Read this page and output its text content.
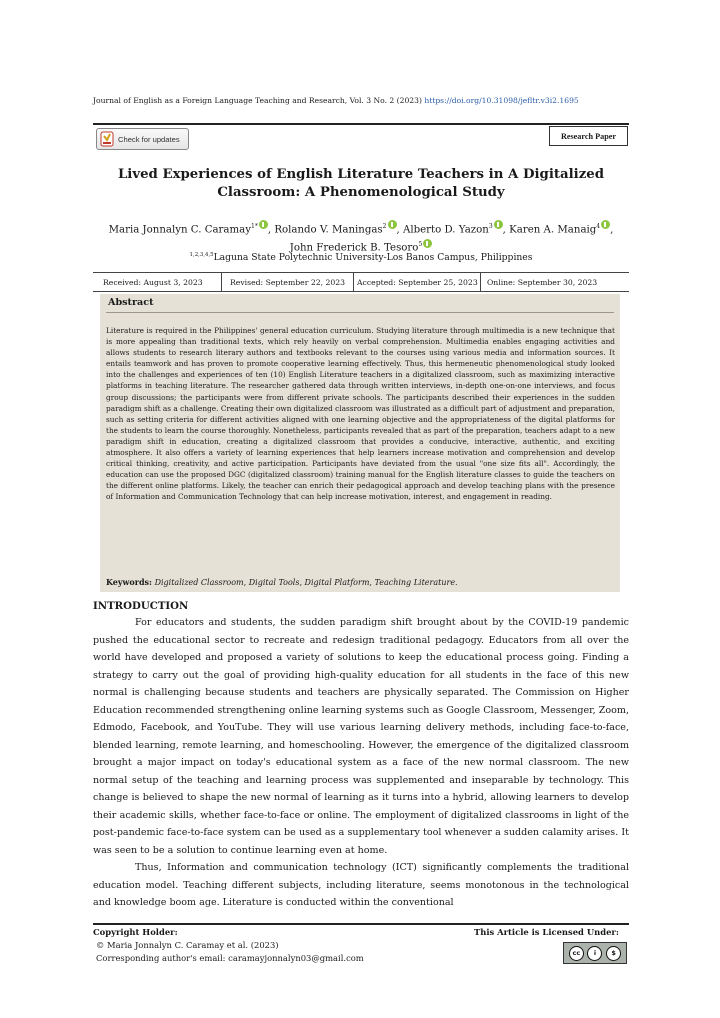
Journal of English as a Foreign Language Teaching and Research, Vol. 3 No. 2 (2023) https://doi.org/10.31098/jefltr.v3i2.1695
Check for updates	Research Paper
Lived Experiences of English Literature Teachers in A Digitalized
Classroom: A Phenomenological Study
Maria Jonnalyn C. Caramay$^{1*}$ , Rolando V. Maningas$^2$ , Alberto D. Yazon$^3$ , Karen A. Manaig$^4$ ,
John Frederick B. Tesoro$^5$
$^{1,2,3,4,5}$Laguna State Polytechnic University-Los Banos Campus, Philippines
Received: August 3, 2023	Revised: September 22, 2023	Accepted: September 25, 2023	Online: September 30, 2023
Abstract
Literature is required in the Philippines' general education curriculum. Studying literature through multimedia is a new technique that is more appealing than traditional texts, which rely heavily on verbal comprehension. Multimedia enables engaging activities and allows students to research literary authors and textbooks relevant to the courses using various media and information sources. It entails teamwork and has proven to promote cooperative learning effectively. Thus, this hermeneutic phenomenological study looked into the challenges and experiences of ten (10) English Literature teachers in a digitalized classroom, such as maximizing interactive platforms in teaching literature. The researcher gathered data through written interviews, in-depth one-on-one interviews, and focus group discussions; the participants were from different private schools. The participants described their experiences in the sudden paradigm shift as a challenge. Creating their own digitalized classroom was illustrated as a difficult part of adjustment and preparation, such as setting criteria for different activities aligned with one learning objective and the appropriateness of the digital platforms for the students to learn the course thoroughly. Nonetheless, participants revealed that as part of the preparation, teachers adapt to a new paradigm shift in education, creating a digitalized classroom that provides a conducive, interactive, authentic, and exciting atmosphere. It also offers a variety of learning experiences that help learners increase motivation and comprehension and develop critical thinking, creativity, and active participation. Participants have deviated from the usual "one size fits all". Accordingly, the education can use the proposed DGC (digitalized classroom) training manual for the English literature classes to guide the teachers on the different online platforms. Likely, the teacher can enrich their pedagogical approach and develop teaching plans with the presence of Information and Communication Technology that can help increase motivation, interest, and engagement in reading.
Keywords: Digitalized Classroom, Digital Tools, Digital Platform, Teaching Literature.
INTRODUCTION

For educators and students, the sudden paradigm shift brought about by the COVID-19 pandemic pushed the educational sector to recreate and redesign traditional pedagogy. Educators from all over the world have developed and proposed a variety of solutions to keep the educational process going. Finding a strategy to carry out the goal of providing high-quality education for all students in the face of this new normal is challenging because students and teachers are physically separated. The Commission on Higher Education recommended strengthening online learning systems such as Google Classroom, Messenger, Zoom, Edmodo, Facebook, and YouTube. They will use various learning delivery methods, including face-to-face, blended learning, remote learning, and homeschooling. However, the emergence of the digitalized classroom brought a major impact on today's educational system as a face of the new normal classroom. The new normal setup of the teaching and learning process was supplemented and inseparable by technology. This change is believed to shape the new normal of learning as it turns into a hybrid, allowing learners to develop their academic skills, whether face-to-face or online. The employment of digitalized classrooms in light of the post-pandemic face-to-face system can be used as a supplementary tool whenever a sudden calamity arises. It was seen to be a solution to continue learning even at home.

Thus, Information and communication technology (ICT) significantly complements the traditional education model. Teaching different subjects, including literature, seems monotonous in the technological and knowledge boom age. Literature is conducted within the conventional

Copyright Holder:	This Article is Licensed Under:
© Maria Jonnalyn C. Caramay et al. (2023)
Corresponding author's email: caramayjonnalyn03@gmail.com	cc	i	$
